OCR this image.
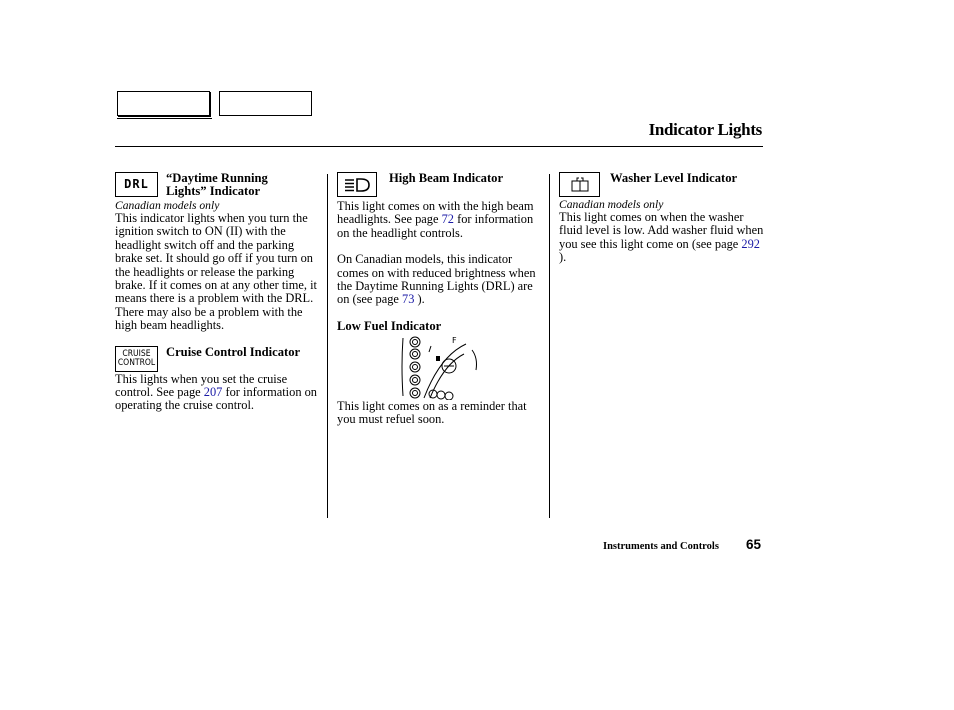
Indicator Lights
DRL “Daytime Running
Lights” Indicator
Canadian models only

This indicator lights when you turn the ignition switch to ON (II) with the headlight switch off and the parking brake set. It should go off if you turn on the headlights or release the parking brake. If it comes on at any other time, it means there is a problem with the DRL. There may also be a problem with the high beam headlights.

CRUISE
CONTROL
Cruise Control Indicator

This lights when you set the cruise control. See page 207 for information on operating the cruise control.

High Beam Indicator

This light comes on with the high beam headlights. See page 72 for information on the headlight controls.

On Canadian models, this indicator comes on with reduced brightness when the Daytime Running Lights (DRL) are on (see page 73 ).

Low Fuel Indicator
F

This light comes on as a reminder that you must refuel soon.

Washer Level Indicator
Canadian models only

This light comes on when the washer fluid level is low. Add washer fluid when you see this light come on (see page 292 ).

Instruments and Controls 65
